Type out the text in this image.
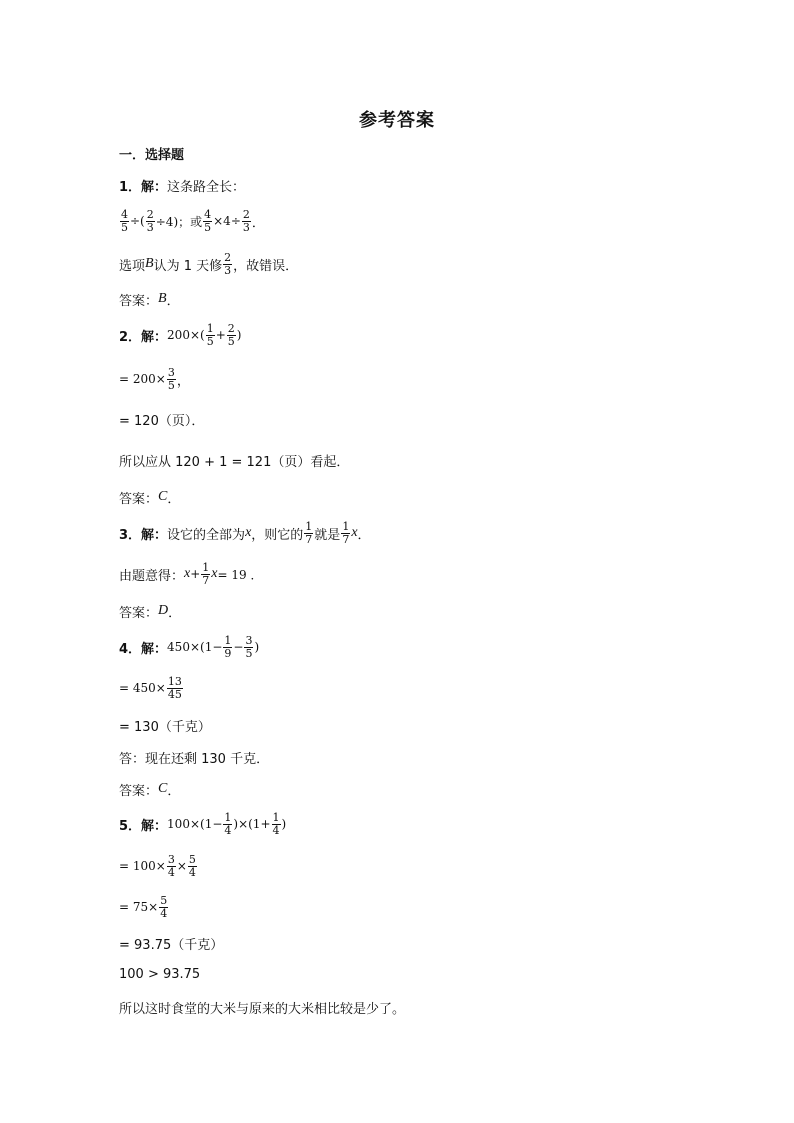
参考答案
一．选择题
1．解： 这条路全长：
$\frac{4}{5}$ ÷( $\frac{2}{3} \div 4$)；或 $\frac{4}{5} \times 4\div \frac{2}{3}$ ．
选项 B 认为 1 天修 $\frac{2}{3}$ ，故错误．
答案： B ．
2．解： $200\times( \frac{1}{5} + \frac{2}{5}$ )
= $200\times \frac{3}{5}$ ，
= 120（页）．
所以应从 120 + 1 = 121（页）看起．
答案： C ．
3．解： 设它的全部为 x ，则它的 $\frac{1}{7}$ 就是 $\frac{1}{7}$ x ．
由题意得： $x + \frac{1}{7}$ x = 19 ．
答案： D ．
4．解： $450\times(1- \frac{1}{9} - \frac{3}{5}$ )
= $450\times \frac{13}{45}$
= 130（千克）
答：现在还剩 130 千克．
答案： C ．
5．解： $100\times(1- \frac{1}{4} )\times(1+ \frac{1}{4}$ )
= $100\times \frac{3}{4} \times \frac{5}{4}$
= $75\times \frac{5}{4}$
= 93.75（千克）
100 > 93.75
所以这时食堂的大米与原来的大米相比较是少了。
